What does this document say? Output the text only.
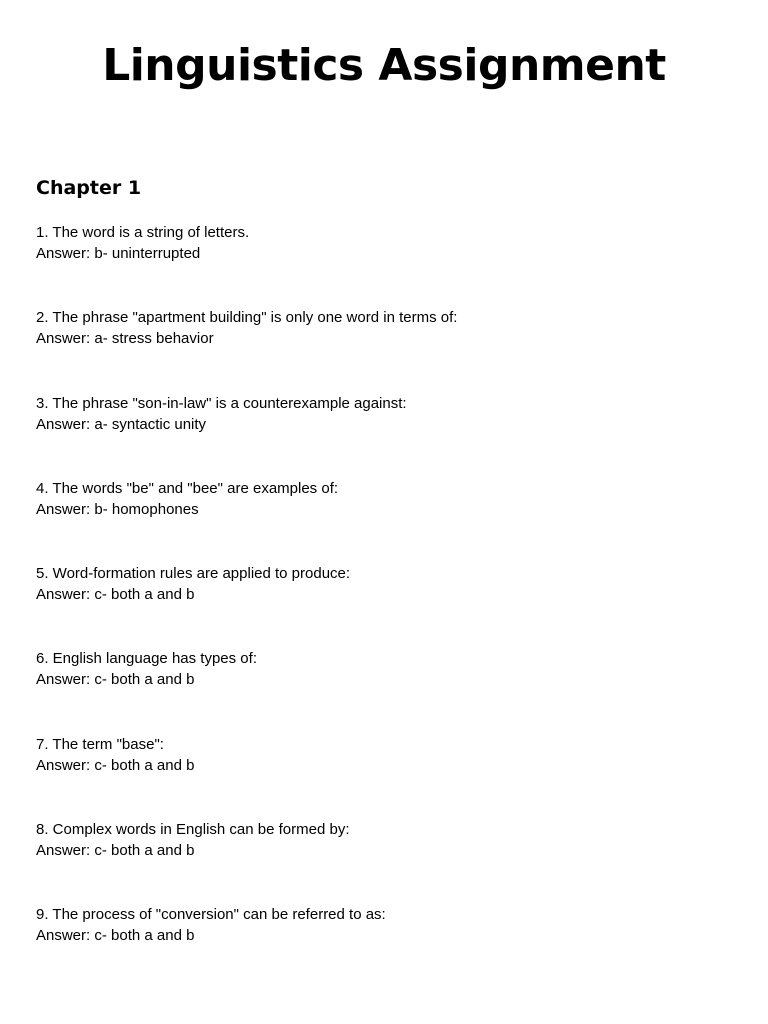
Linguistics Assignment
Chapter 1
1. The word is a string of letters.
Answer: b- uninterrupted
2. The phrase "apartment building" is only one word in terms of:
Answer: a- stress behavior
3. The phrase "son-in-law" is a counterexample against:
Answer: a- syntactic unity
4. The words "be" and "bee" are examples of:
Answer: b- homophones
5. Word-formation rules are applied to produce:
Answer: c- both a and b
6. English language has types of:
Answer: c- both a and b
7. The term "base":
Answer: c- both a and b
8. Complex words in English can be formed by:
Answer: c- both a and b
9. The process of "conversion" can be referred to as:
Answer: c- both a and b
